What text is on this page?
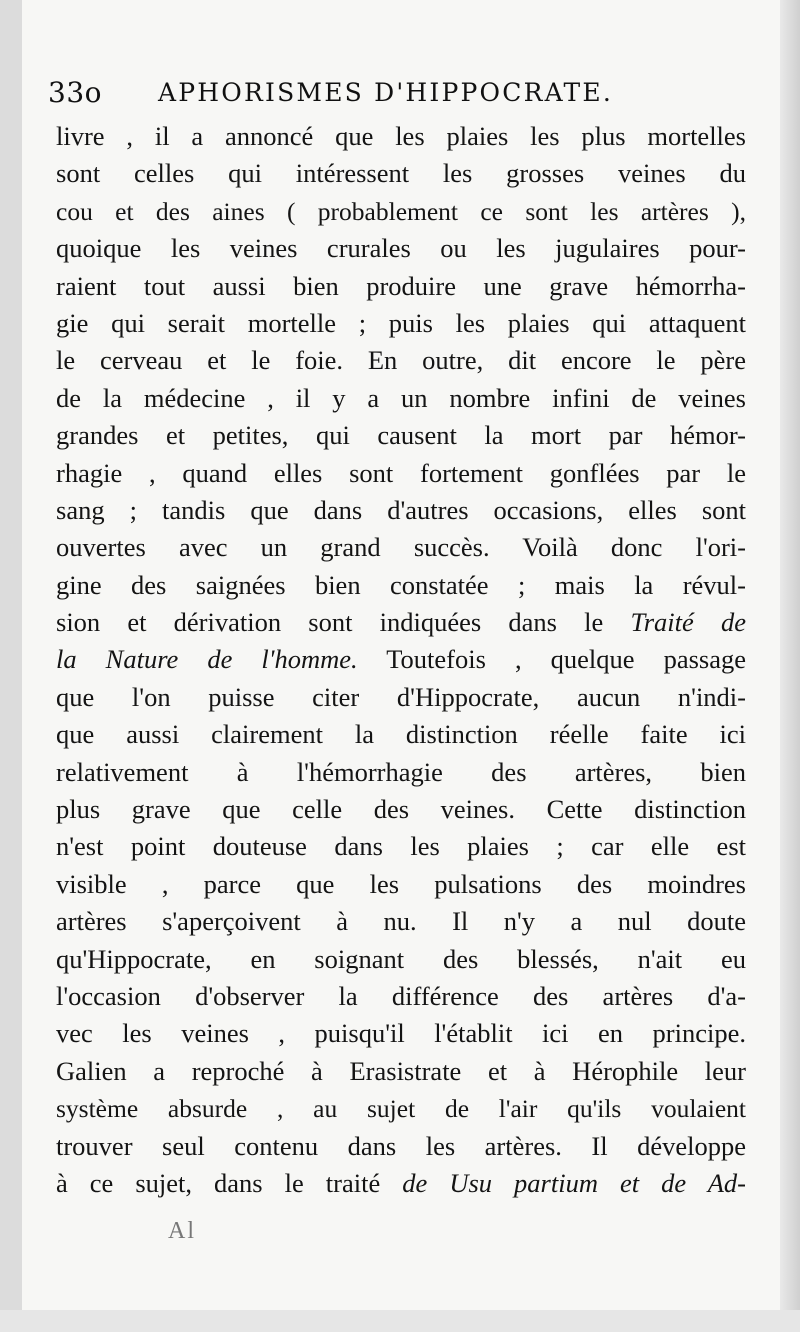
33o APHORISMES D'HIPPOCRATE.
livre , il a annoncé que les plaies les plus mortelles
sont celles qui intéressent les grosses veines du
cou et des aines ( probablement ce sont les artères ),
quoique les veines crurales ou les jugulaires pour-
raient tout aussi bien produire une grave hémorrha-
gie qui serait mortelle ; puis les plaies qui attaquent
le cerveau et le foie. En outre, dit encore le père
de la médecine , il y a un nombre infini de veines
grandes et petites, qui causent la mort par hémor-
rhagie , quand elles sont fortement gonflées par le
sang ; tandis que dans d'autres occasions, elles sont
ouvertes avec un grand succès. Voilà donc l'ori-
gine des saignées bien constatée ; mais la révul-
sion et dérivation sont indiquées dans le Traité de
la Nature de l'homme. Toutefois , quelque passage
que l'on puisse citer d'Hippocrate, aucun n'indi-
que aussi clairement la distinction réelle faite ici
relativement à l'hémorrhagie des artères, bien
plus grave que celle des veines. Cette distinction
n'est point douteuse dans les plaies ; car elle est
visible , parce que les pulsations des moindres
artères s'aperçoivent à nu. Il n'y a nul doute
qu'Hippocrate, en soignant des blessés, n'ait eu
l'occasion d'observer la différence des artères d'a-
vec les veines , puisqu'il l'établit ici en principe.
Galien a reproché à Erasistrate et à Hérophile leur
système absurde , au sujet de l'air qu'ils voulaient
trouver seul contenu dans les artères. Il développe
à ce sujet, dans le traité de Usu partium et de Ad-
Al
